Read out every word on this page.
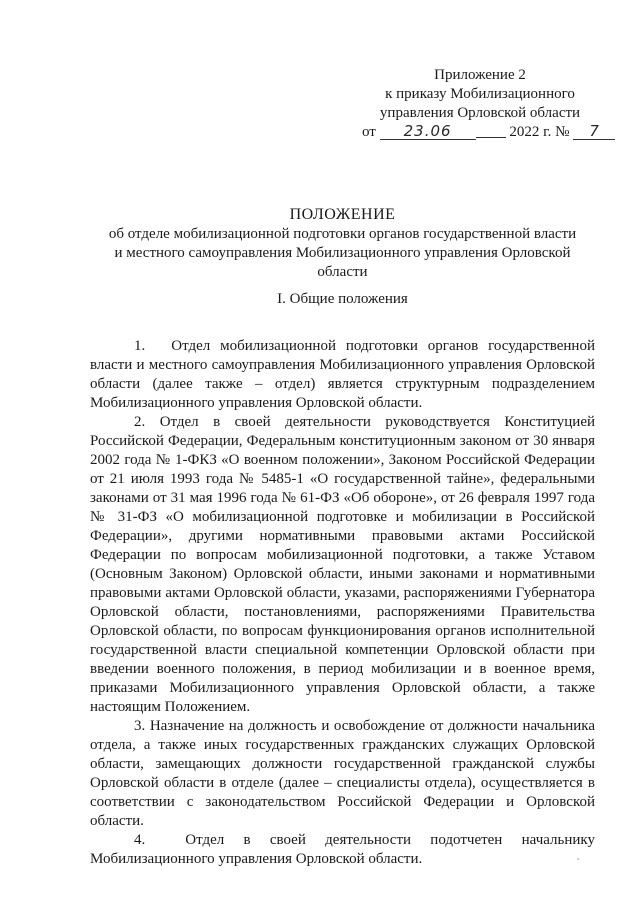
Приложение 2
к приказу Мобилизационного
управления Орловской области
от 23.06	2022 г. № 7
ПОЛОЖЕНИЕ
об отделе мобилизационной подготовки органов государственной власти
и местного самоуправления Мобилизационного управления Орловской области
I. Общие положения

1. Отдел мобилизационной подготовки органов государственной власти и местного самоуправления Мобилизационного управления Орловской области (далее также – отдел) является структурным подразделением Мобилизационного управления Орловской области.

2. Отдел в своей деятельности руководствуется Конституцией Российской Федерации, Федеральным конституционным законом от 30 января 2002 года № 1-ФКЗ «О военном положении», Законом Российской Федерации от 21 июля 1993 года № 5485-1 «О государственной тайне», федеральными законами от 31 мая 1996 года № 61-ФЗ «Об обороне», от 26 февраля 1997 года № 31-ФЗ «О мобилизационной подготовке и мобилизации в Российской Федерации», другими нормативными правовыми актами Российской Федерации по вопросам мобилизационной подготовки, а также Уставом (Основным Законом) Орловской области, иными законами и нормативными правовыми актами Орловской области, указами, распоряжениями Губернатора Орловской области, постановлениями, распоряжениями Правительства Орловской области, по вопросам функционирования органов исполнительной государственной власти специальной компетенции Орловской области при введении военного положения, в период мобилизации и в военное время, приказами Мобилизационного управления Орловской области, а также настоящим Положением.

3. Назначение на должность и освобождение от должности начальника отдела, а также иных государственных гражданских служащих Орловской области, замещающих должности государственной гражданской службы Орловской области в отделе (далее – специалисты отдела), осуществляется в соответствии с законодательством Российской Федерации и Орловской области.

4.	Отдел в своей деятельности подотчетен начальнику Мобилизационного управления Орловской области.
